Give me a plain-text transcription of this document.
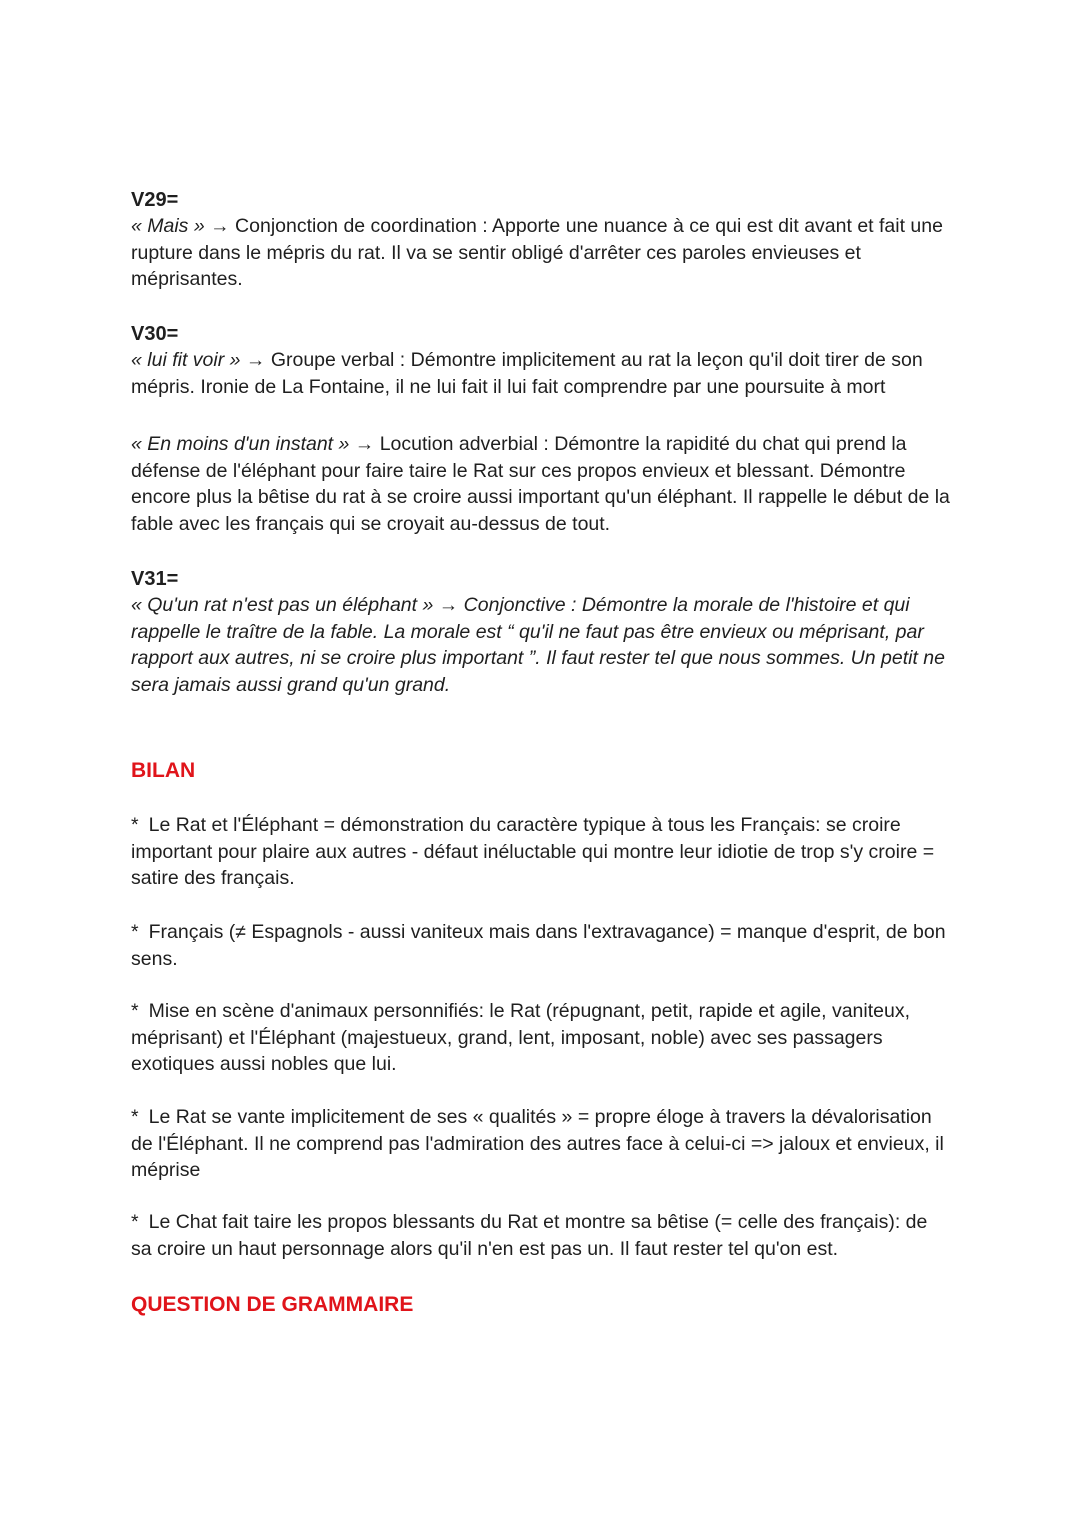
V29=

« Mais » → Conjonction de coordination : Apporte une nuance à ce qui est dit avant et fait une rupture dans le mépris du rat. Il va se sentir obligé d'arrêter ces paroles envieuses et méprisantes.

V30=

« lui fit voir » → Groupe verbal : Démontre implicitement au rat la leçon qu'il doit tirer de son mépris. Ironie de La Fontaine, il ne lui fait il lui fait comprendre par une poursuite à mort

« En moins d'un instant » → Locution adverbial : Démontre la rapidité du chat qui prend la défense de l'éléphant pour faire taire le Rat sur ces propos envieux et blessant. Démontre encore plus la bêtise du rat à se croire aussi important qu'un éléphant. Il rappelle le début de la fable avec les français qui se croyait au-dessus de tout.

V31=

« Qu'un rat n'est pas un éléphant » → Conjonctive : Démontre la morale de l'histoire et qui rappelle le traître de la fable. La morale est “ qu'il ne faut pas être envieux ou méprisant, par rapport aux autres, ni se croire plus important ”. Il faut rester tel que nous sommes. Un petit ne sera jamais aussi grand qu'un grand.

BILAN

* Le Rat et l'Éléphant = démonstration du caractère typique à tous les Français: se croire important pour plaire aux autres - défaut inéluctable qui montre leur idiotie de trop s'y croire = satire des français.

* Français (≠ Espagnols - aussi vaniteux mais dans l'extravagance) = manque d'esprit, de bon sens.

* Mise en scène d'animaux personnifiés: le Rat (répugnant, petit, rapide et agile, vaniteux, méprisant) et l'Éléphant (majestueux, grand, lent, imposant, noble) avec ses passagers exotiques aussi nobles que lui.

* Le Rat se vante implicitement de ses « qualités » = propre éloge à travers la dévalorisation de l'Éléphant. Il ne comprend pas l'admiration des autres face à celui-ci => jaloux et envieux, il méprise

* Le Chat fait taire les propos blessants du Rat et montre sa bêtise (= celle des français): de sa croire un haut personnage alors qu'il n'en est pas un. Il faut rester tel qu'on est.

QUESTION DE GRAMMAIRE
